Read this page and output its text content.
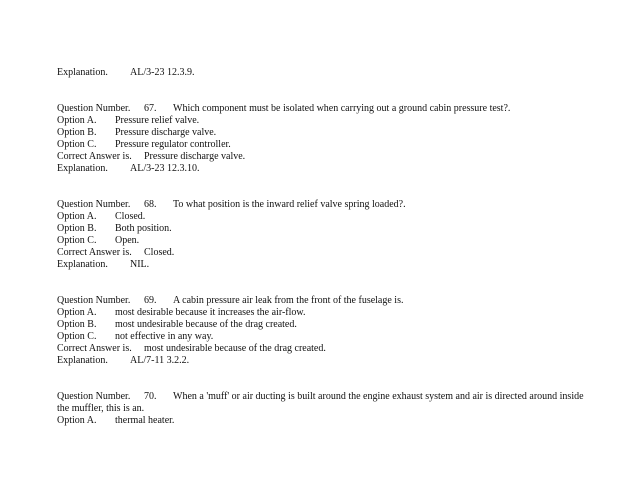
Explanation. AL/3-23 12.3.9.
Question Number. 67. Which component must be isolated when carrying out a ground cabin pressure test?.
Option A. Pressure relief valve.
Option B. Pressure discharge valve.
Option C. Pressure regulator controller.
Correct Answer is. Pressure discharge valve.
Explanation. AL/3-23 12.3.10.
Question Number. 68. To what position is the inward relief valve spring loaded?.
Option A. Closed.
Option B. Both position.
Option C. Open.
Correct Answer is. Closed.
Explanation. NIL.
Question Number. 69. A cabin pressure air leak from the front of the fuselage is.
Option A. most desirable because it increases the air-flow.
Option B. most undesirable because of the drag created.
Option C. not effective in any way.
Correct Answer is. most undesirable because of the drag created.
Explanation. AL/7-11 3.2.2.
Question Number. 70. When a 'muff' or air ducting is built around the engine exhaust system and air is directed around inside
the muffler, this is an.
Option A. thermal heater.
